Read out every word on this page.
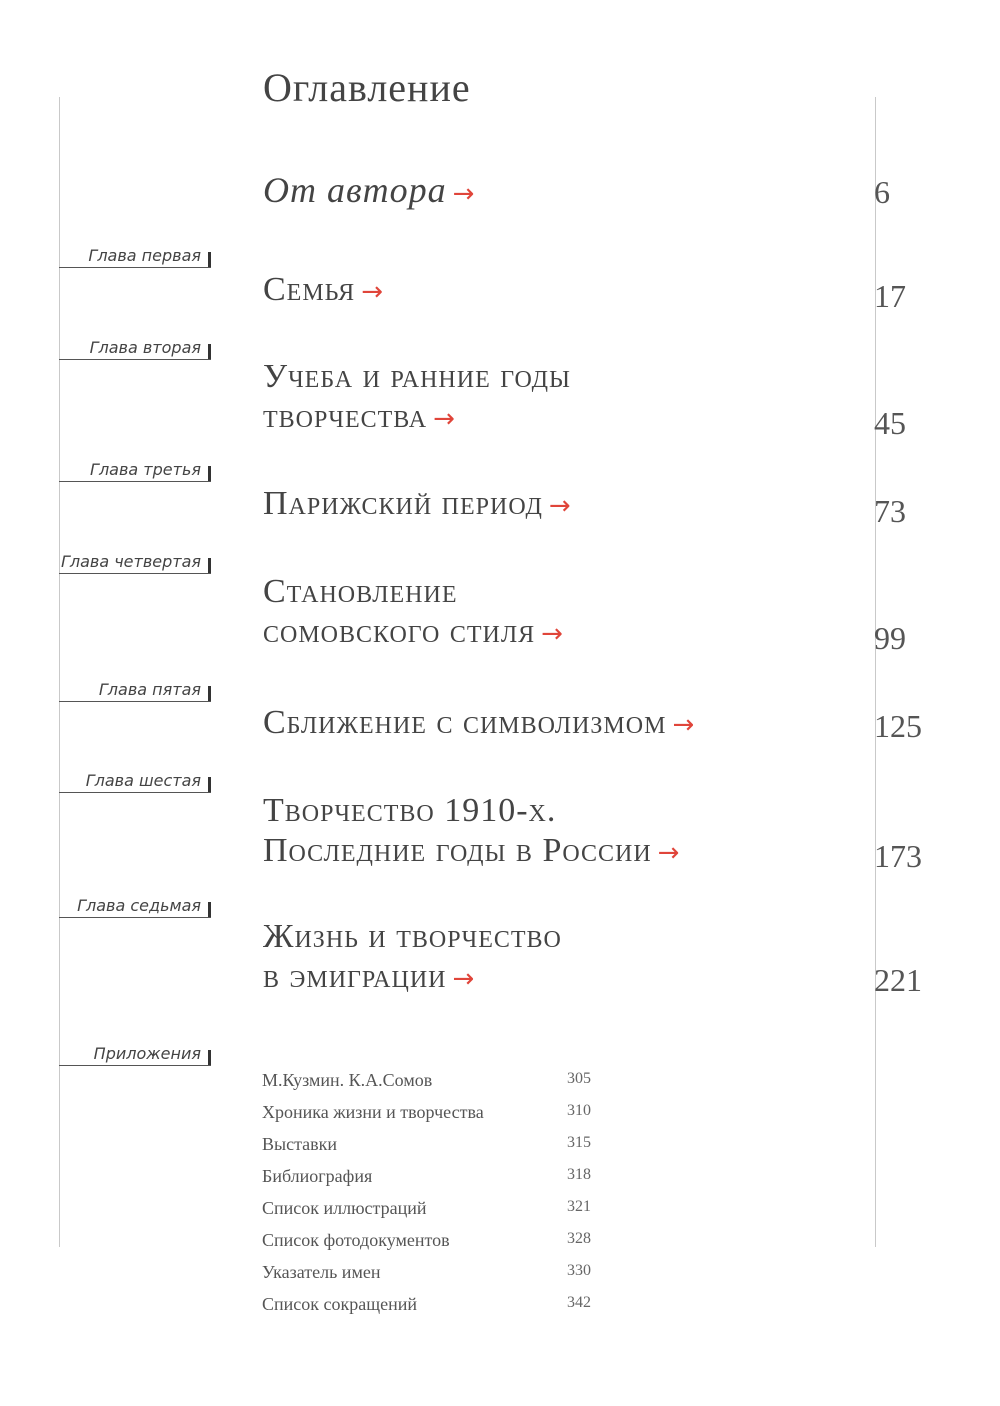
Оглавление
От автора →	6
Глава первая
Семья →	17
Глава вторая
Учеба и ранние годы
творчества →	45
Глава третья
Парижский период →	73
Глава четвертая
Становление
сомовского стиля →	99
Глава пятая
Сближение с символизмом →	125
Глава шестая
Творчество 1910-х.
Последние годы в России →	173
Глава седьмая
Жизнь и творчество
в эмиграции →	221
Приложения
М.Кузмин. К.А.Сомов	305
Хроника жизни и творчества	310
Выставки	315
Библиография	318
Список иллюстраций	321
Список фотодокументов	328
Указатель имен	330
Список сокращений	342
